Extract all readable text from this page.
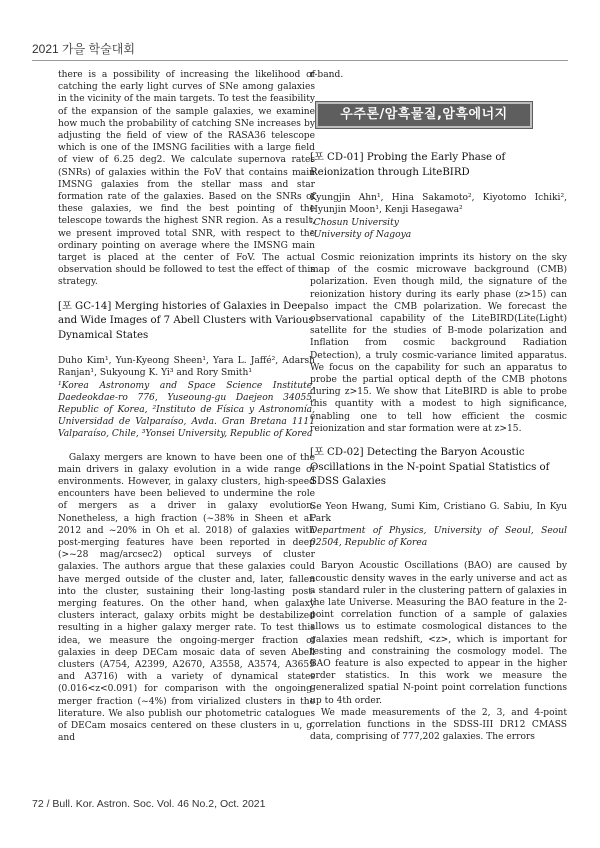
2021 가을 학술대회

there is a possibility of increasing the likelihood of catching the early light curves of SNe among galaxies in the vicinity of the main targets. To test the feasibility of the expansion of the sample galaxies, we examine how much the probability of catching SNe increases by adjusting the field of view of the RASA36 telescope which is one of the IMSNG facilities with a large field of view of 6.25 deg2. We calculate supernova rates (SNRs) of galaxies within the FoV that contains main IMSNG galaxies from the stellar mass and star formation rate of the galaxies. Based on the SNRs of these galaxies, we find the best pointing of the telescope towards the highest SNR region. As a result, we present improved total SNR, with respect to the ordinary pointing on average where the IMSNG main target is placed at the center of FoV. The actual observation should be followed to test the effect of this strategy.

[포 GC-14] Merging histories of Galaxies in Deep and Wide Images of 7 Abell Clusters with Various Dynamical States

Duho Kim¹, Yun-Kyeong Sheen¹, Yara L. Jaffé², Adarsh Ranjan¹, Sukyoung K. Yi³ and Rory Smith¹

¹Korea Astronomy and Space Science Institute, Daedeokdae-ro 776, Yuseoung-gu Daejeon 34055, Republic of Korea, ²Instituto de Física y Astronomía, Universidad de Valparaíso, Avda. Gran Bretana 1111 Valparaíso, Chile, ³Yonsei University, Republic of Korea

Galaxy mergers are known to have been one of the main drivers in galaxy evolution in a wide range of environments. However, in galaxy clusters, high-speed encounters have been believed to undermine the role of mergers as a driver in galaxy evolution. Nonetheless, a high fraction (~38% in Sheen et al. 2012 and ~20% in Oh et al. 2018) of galaxies with post-merging features have been reported in deep (>~28 mag/arcsec2) optical surveys of cluster galaxies. The authors argue that these galaxies could have merged outside of the cluster and, later, fallen into the cluster, sustaining their long-lasting post-merging features. On the other hand, when galaxy clusters interact, galaxy orbits might be destabilized resulting in a higher galaxy merger rate. To test this idea, we measure the ongoing-merger fraction of galaxies in deep DECam mosaic data of seven Abell clusters (A754, A2399, A2670, A3558, A3574, A3659 and A3716) with a variety of dynamical states (0.016<z<0.091) for comparison with the ongoing-merger fraction (~4%) from virialized clusters in the literature. We also publish our photometric catalogues of DECam mosaics centered on these clusters in u, g, and

r-band.

우주론/암흑물질,암흑에너지
[포 CD-01] Probing the Early Phase of Reionization through LiteBIRD

Kyungjin Ahn¹, Hina Sakamoto², Kiyotomo Ichiki², Hyunjin Moon¹, Kenji Hasegawa²

¹Chosun University

²University of Nagoya

Cosmic reionization imprints its history on the sky map of the cosmic microwave background (CMB) polarization. Even though mild, the signature of the reionization history during its early phase (z>15) can also impact the CMB polarization. We forecast the observational capability of the LiteBIRD(Lite(Light) satellite for the studies of B-mode polarization and Inflation from cosmic background Radiation Detection), a truly cosmic-variance limited apparatus. We focus on the capability for such an apparatus to probe the partial optical depth of the CMB photons during z>15. We show that LiteBIRD is able to probe this quantity with a modest to high significance, enabling one to tell how efficient the cosmic reionization and star formation were at z>15.

[포 CD-02] Detecting the Baryon Acoustic Oscillations in the N-point Spatial Statistics of SDSS Galaxies

Se Yeon Hwang, Sumi Kim, Cristiano G. Sabiu, In Kyu Park

Department of Physics, University of Seoul, Seoul 02504, Republic of Korea

Baryon Acoustic Oscillations (BAO) are caused by acoustic density waves in the early universe and act as a standard ruler in the clustering pattern of galaxies in the late Universe. Measuring the BAO feature in the 2-point correlation function of a sample of galaxies allows us to estimate cosmological distances to the galaxies mean redshift, <z>, which is important for testing and constraining the cosmology model. The BAO feature is also expected to appear in the higher order statistics. In this work we measure the generalized spatial N-point point correlation functions up to 4th order.

We made measurements of the 2, 3, and 4-point correlation functions in the SDSS-III DR12 CMASS data, comprising of 777,202 galaxies. The errors

72 / Bull. Kor. Astron. Soc. Vol. 46 No.2, Oct. 2021
